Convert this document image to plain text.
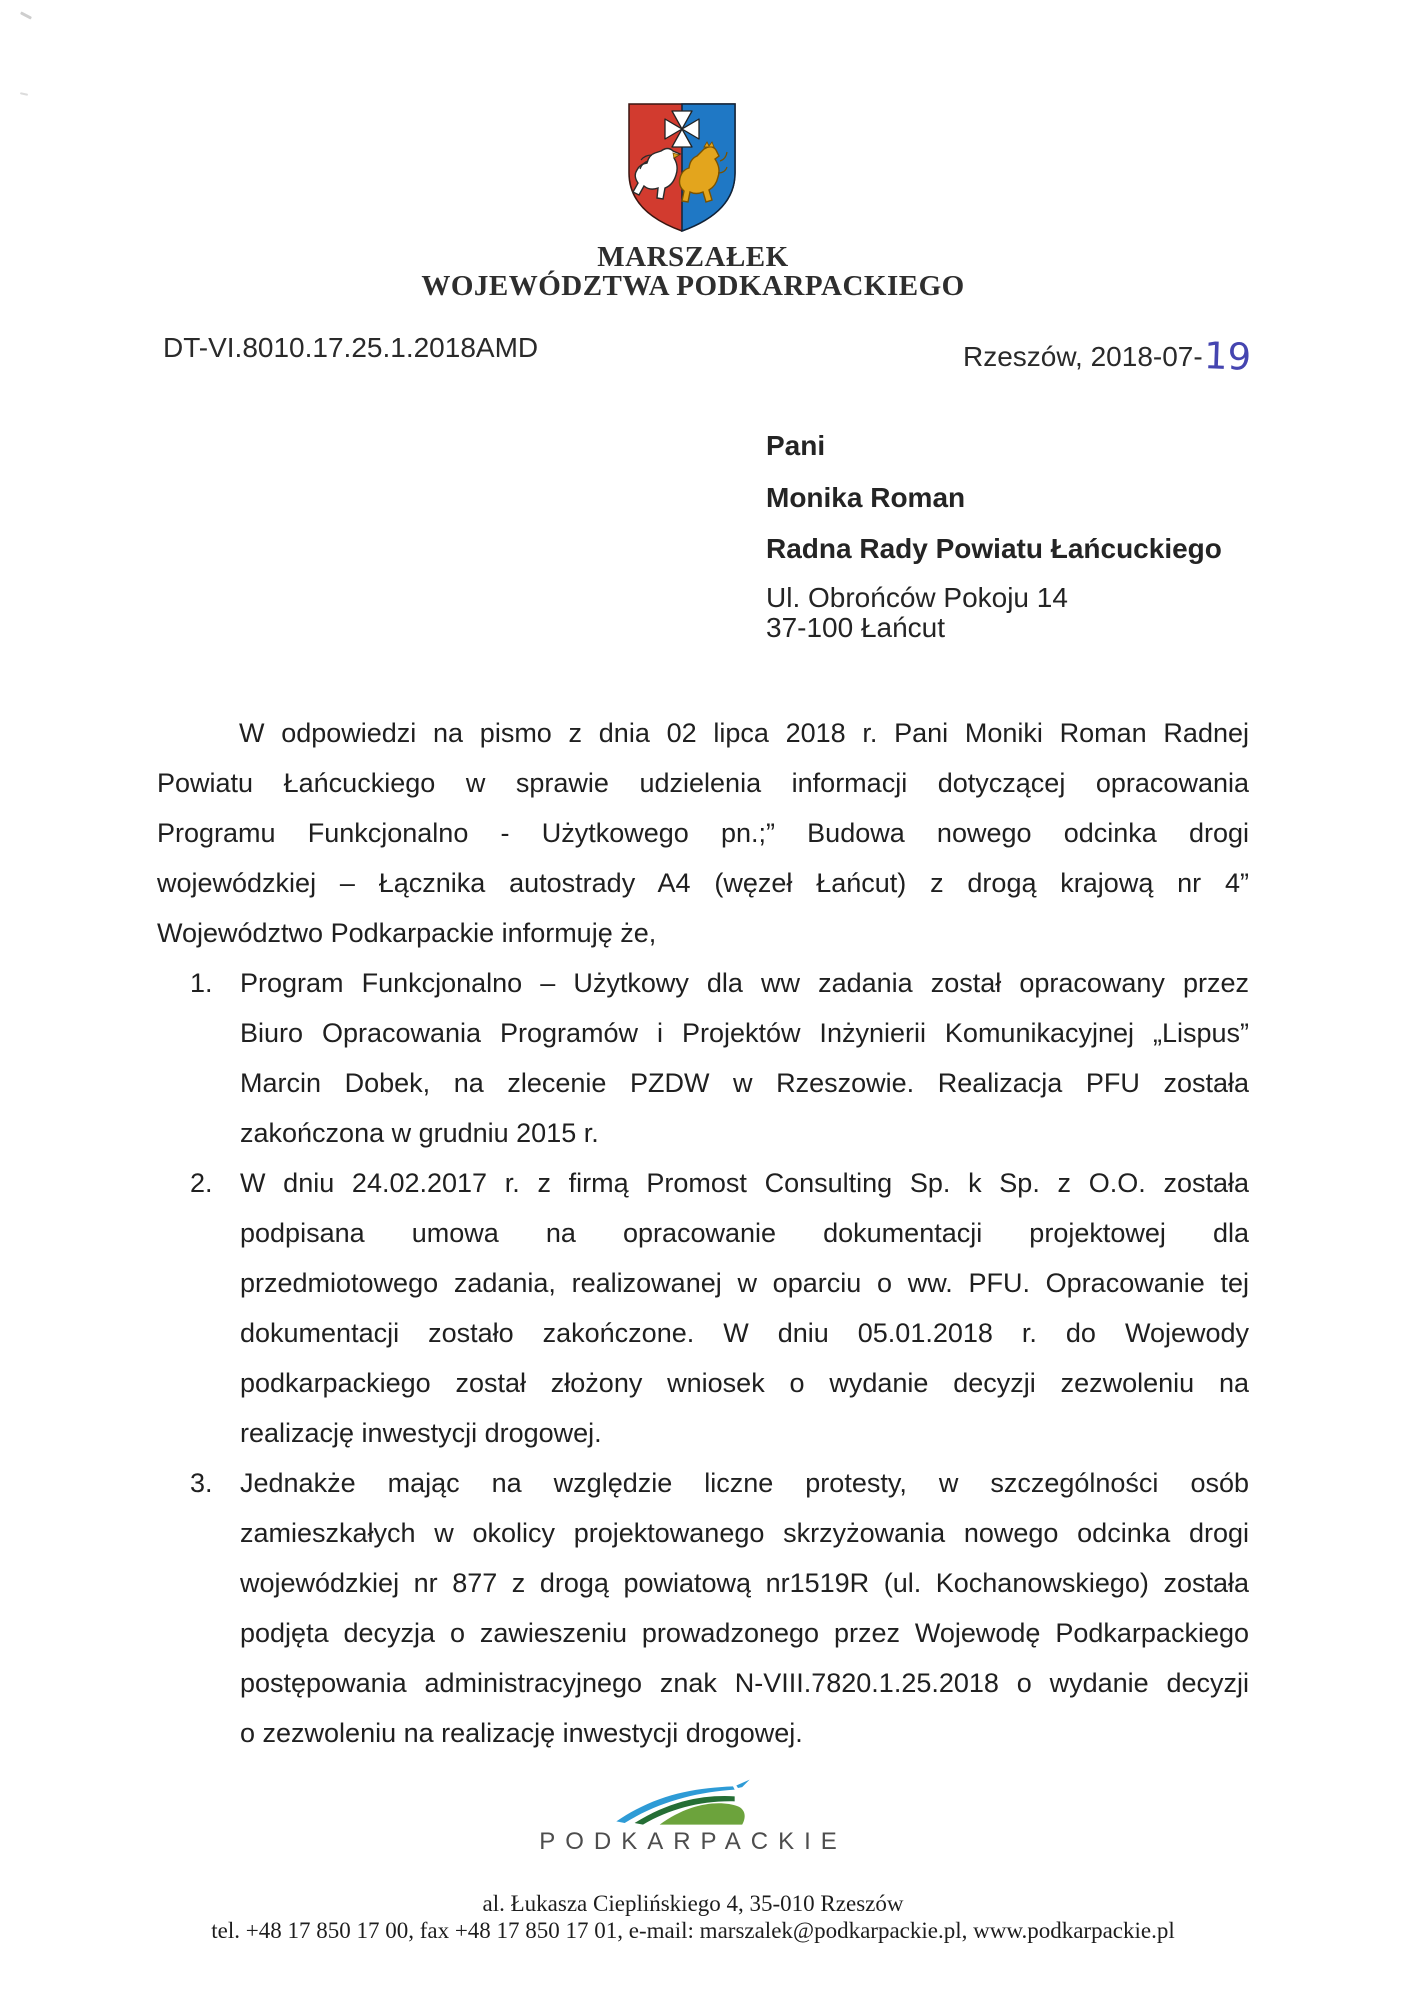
MARSZAŁEK
WOJEWÓDZTWA PODKARPACKIEGO
DT-VI.8010.17.25.1.2018AMD	Rzeszów, 2018-07-19
Pani
Monika Roman
Radna Rady Powiatu Łańcuckiego
Ul. Obrońców Pokoju 14
37-100 Łańcut
W odpowiedzi na pismo z dnia 02 lipca 2018 r. Pani Moniki Roman Radnej
Powiatu Łańcuckiego w sprawie udzielenia informacji dotyczącej opracowania
Programu Funkcjonalno - Użytkowego pn.;” Budowa nowego odcinka drogi
wojewódzkiej – Łącznika autostrady A4 (węzeł Łańcut) z drogą krajową nr 4”
Województwo Podkarpackie informuję że,
1. Program Funkcjonalno – Użytkowy dla ww zadania został opracowany przez
Biuro Opracowania Programów i Projektów Inżynierii Komunikacyjnej „Lispus”
Marcin Dobek, na zlecenie PZDW w Rzeszowie. Realizacja PFU została
zakończona w grudniu 2015 r.
2. W dniu 24.02.2017 r. z firmą Promost Consulting Sp. k Sp. z O.O. została
podpisana umowa na opracowanie dokumentacji projektowej dla
przedmiotowego zadania, realizowanej w oparciu o ww. PFU. Opracowanie tej
dokumentacji zostało zakończone. W dniu 05.01.2018 r. do Wojewody
podkarpackiego został złożony wniosek o wydanie decyzji zezwoleniu na
realizację inwestycji drogowej.
3. Jednakże mając na względzie liczne protesty, w szczególności osób
zamieszkałych w okolicy projektowanego skrzyżowania nowego odcinka drogi
wojewódzkiej nr 877 z drogą powiatową nr1519R (ul. Kochanowskiego) została
podjęta decyzja o zawieszeniu prowadzonego przez Wojewodę Podkarpackiego
postępowania administracyjnego znak N-VIII.7820.1.25.2018 o wydanie decyzji
o zezwoleniu na realizację inwestycji drogowej.
PODKARPACKIE
al. Łukasza Cieplińskiego 4, 35-010 Rzeszów
tel. +48 17 850 17 00, fax +48 17 850 17 01, e-mail: marszalek@podkarpackie.pl, www.podkarpackie.pl
